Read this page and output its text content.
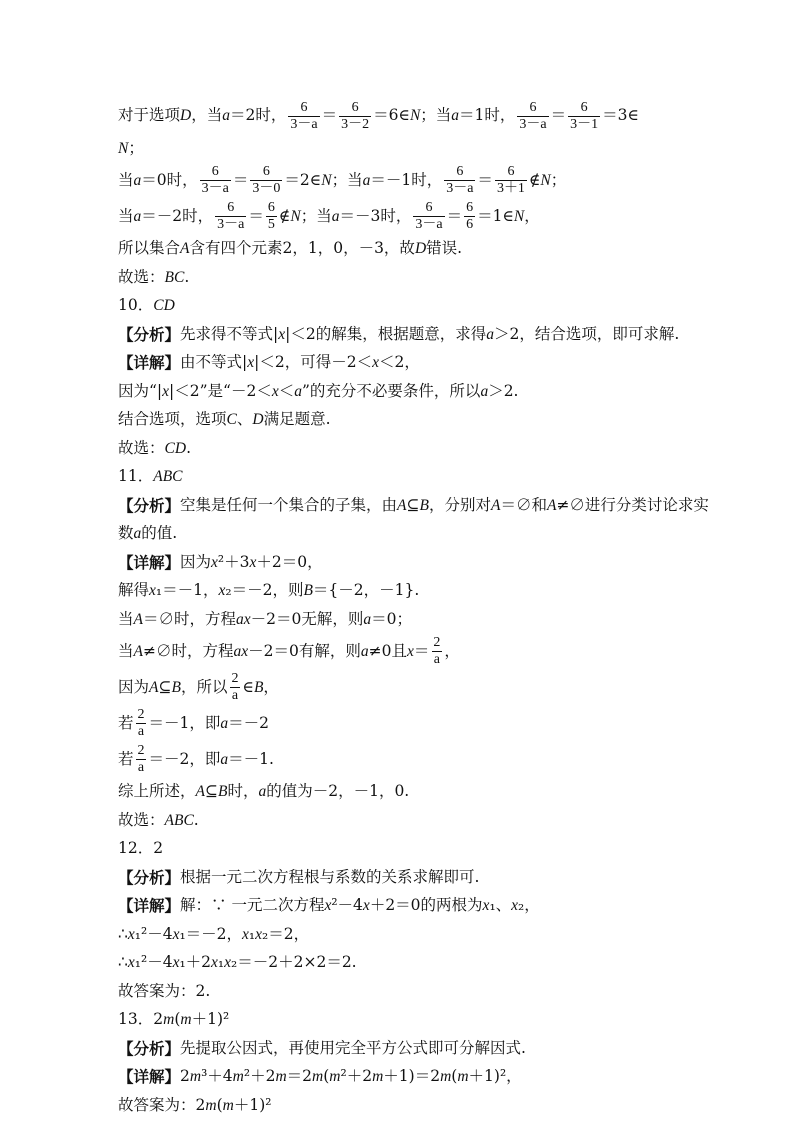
对于选项 D ，当 a ＝2时， $\frac{6}{3-a} = \frac{6}{3-2}$ ＝6∈ N ；当 a ＝1时， $\frac{6}{3-a} = \frac{6}{3-1}$ ＝3∈
N ；
当 a ＝0时， $\frac{6}{3-a} = \frac{6}{3-0}$ ＝2∈ N ；当 a ＝－1时， $\frac{6}{3-a} = \frac{6}{3+1}$ ∉ N ；
当 a ＝－2时， $\frac{6}{3-a} = \frac{6}{5}$ ∉ N ；当 a ＝－3时， $\frac{6}{3-a} = \frac{6}{6}$ ＝1∈ N ，
所以集合 A 含有四个元素2，1，0，－3，故 D 错误.
故选： BC .
10． CD
【分析】 先求得不等式| x |＜2的解集，根据题意，求得 a ＞2，结合选项，即可求解.
【详解】 由不等式| x |＜2，可得－2＜ x ＜2，
因为“| x |＜2”是“－2＜ x ＜ a ”的充分不必要条件，所以 a ＞2.
结合选项，选项 C 、 D 满足题意.
故选： CD .
11． ABC
【分析】 空集是任何一个集合的子集，由 A ⊆ B ，分别对 A ＝∅和 A ≠∅进行分类讨论求实
数 a 的值.
【详解】 因为 x ²＋3 x ＋2＝0，
解得 x ₁＝－1， x ₂＝－2，则 B ＝{－2，－1}.
当 A ＝∅时，方程 ax －2＝0无解，则 a ＝0；
当 A ≠∅时，方程 ax －2＝0有解，则 a ≠0且 $x = \frac{2}{a}$ ，
因为 A ⊆ B ，所以 $\frac{2}{a}$ ∈ B ，
若 $\frac{2}{a} =-1$，即 a ＝－2
若 $\frac{2}{a} =-2$，即 a ＝－1.
综上所述， A ⊆ B 时， a 的值为－2，－1，0.
故选： ABC .
12． 2
【分析】 根据一元二次方程根与系数的关系求解即可.
【详解】 解：∵ 一元二次方程 x ²－4 x ＋2＝0的两根为 x ₁、 x ₂，
∴ x ₁²－4 x ₁＝－2， x ₁ x ₂＝2，
∴ x ₁²－4 x ₁＋2 x ₁ x ₂＝－2＋2×2＝2.
故答案为：2.
13． 2 m ( m ＋1)²
【分析】 先提取公因式，再使用完全平方公式即可分解因式.
【详解】 2 m ³＋4 m ²＋2 m ＝2 m ( m ²＋2 m ＋1)＝2 m ( m ＋1)²，
故答案为：2 m ( m ＋1)²
